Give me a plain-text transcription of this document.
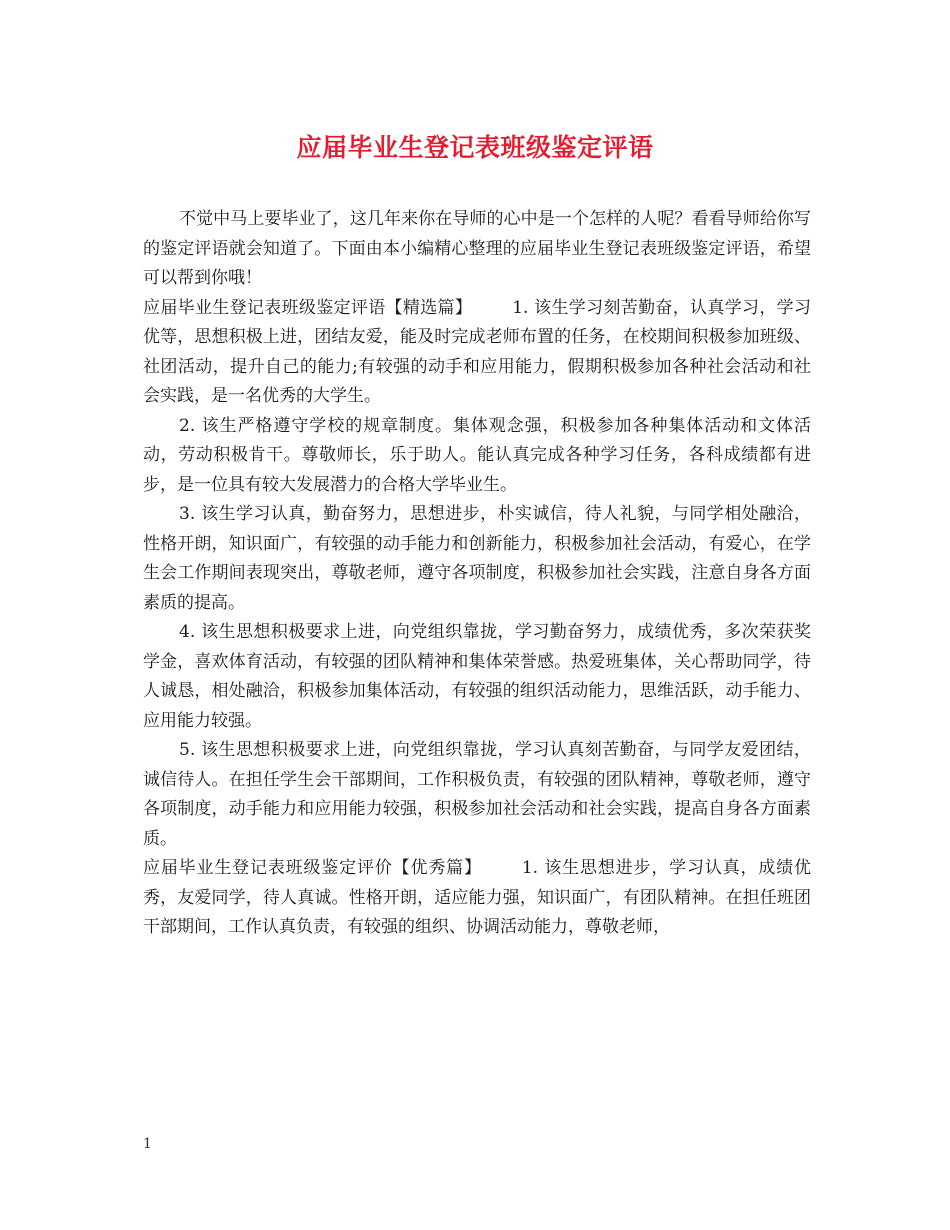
应届毕业生登记表班级鉴定评语

不觉中马上要毕业了，这几年来你在导师的心中是一个怎样的人呢？看看导师给你写的鉴定评语就会知道了。下面由本小编精心整理的应届毕业生登记表班级鉴定评语，希望可以帮到你哦！

应届毕业生登记表班级鉴定评语【精选篇】 1. 该生学习刻苦勤奋，认真学习，学习优等，思想积极上进，团结友爱，能及时完成老师布置的任务，在校期间积极参加班级、社团活动，提升自己的能力;有较强的动手和应用能力，假期积极参加各种社会活动和社会实践，是一名优秀的大学生。

2. 该生严格遵守学校的规章制度。集体观念强，积极参加各种集体活动和文体活动，劳动积极肯干。尊敬师长，乐于助人。能认真完成各种学习任务，各科成绩都有进步，是一位具有较大发展潜力的合格大学毕业生。

3. 该生学习认真，勤奋努力，思想进步，朴实诚信，待人礼貌，与同学相处融洽，性格开朗，知识面广，有较强的动手能力和创新能力，积极参加社会活动，有爱心，在学生会工作期间表现突出，尊敬老师，遵守各项制度，积极参加社会实践，注意自身各方面素质的提高。

4. 该生思想积极要求上进，向党组织靠拢，学习勤奋努力，成绩优秀，多次荣获奖学金，喜欢体育活动，有较强的团队精神和集体荣誉感。热爱班集体，关心帮助同学，待人诚恳，相处融洽，积极参加集体活动，有较强的组织活动能力，思维活跃，动手能力、应用能力较强。

5. 该生思想积极要求上进，向党组织靠拢，学习认真刻苦勤奋，与同学友爱团结，诚信待人。在担任学生会干部期间，工作积极负责，有较强的团队精神，尊敬老师，遵守各项制度，动手能力和应用能力较强，积极参加社会活动和社会实践，提高自身各方面素质。

应届毕业生登记表班级鉴定评价【优秀篇】 1. 该生思想进步，学习认真，成绩优秀，友爱同学，待人真诚。性格开朗，适应能力强，知识面广，有团队精神。在担任班团干部期间，工作认真负责，有较强的组织、协调活动能力，尊敬老师，

1
